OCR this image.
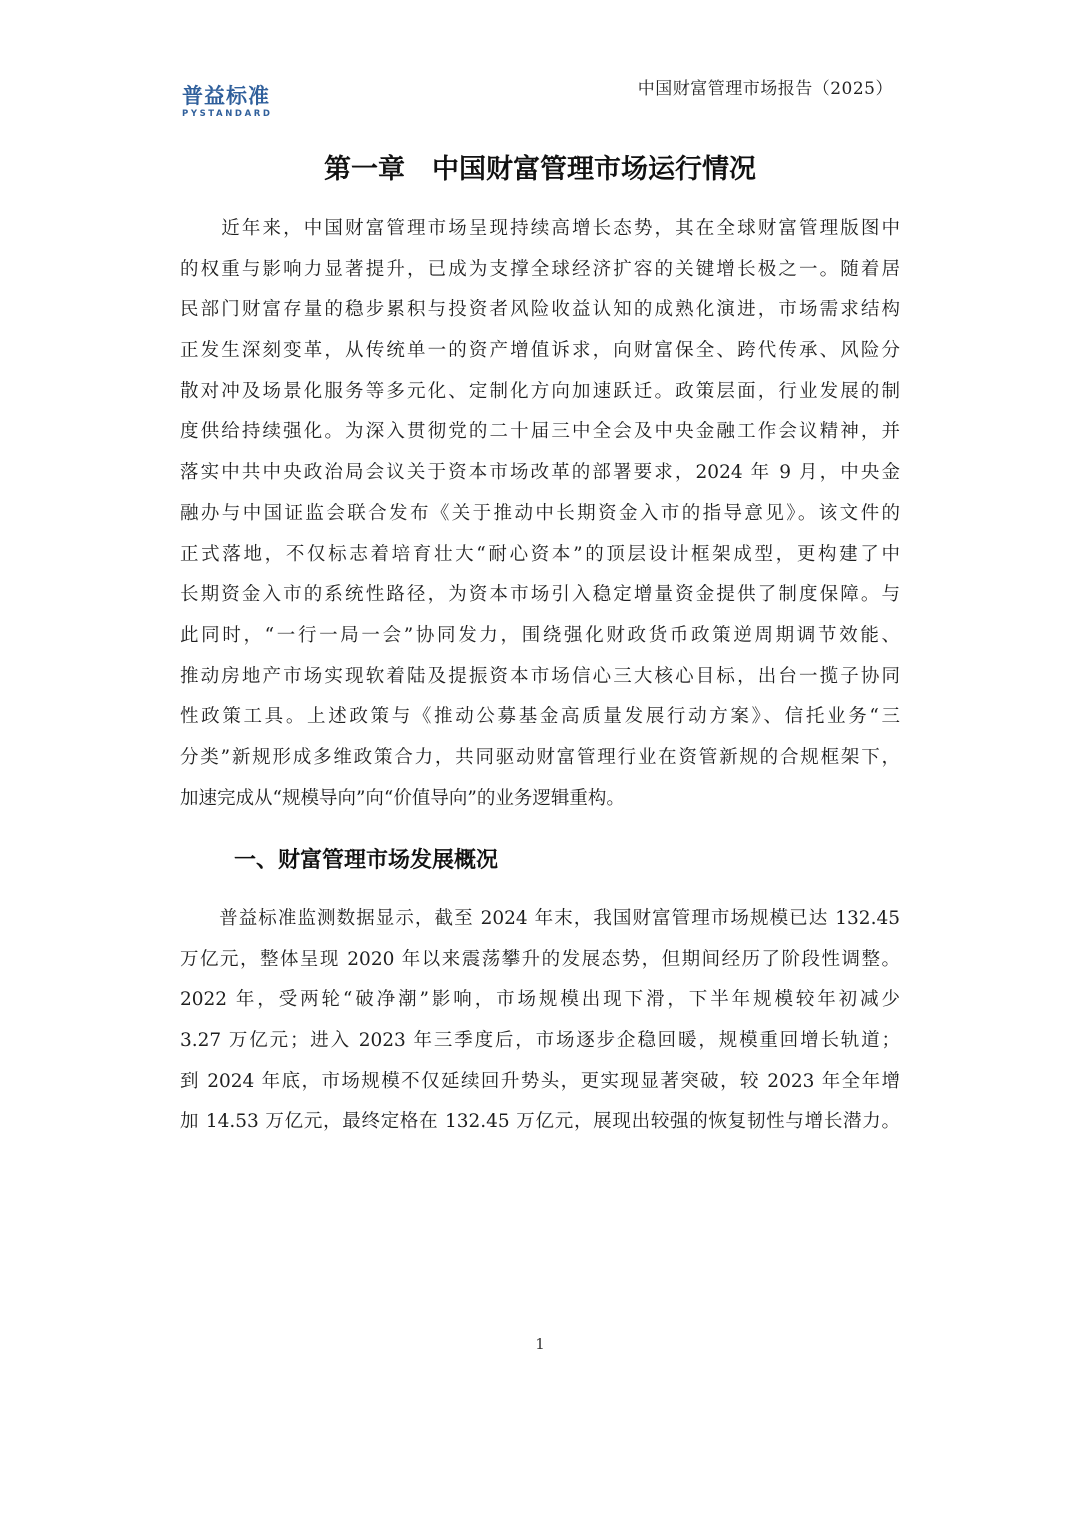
普益标准
PYSTANDARD
中国财富管理市场报告（2025）
第一章　中国财富管理市场运行情况
　　近年来，中国财富管理市场呈现持续高增长态势，其在全球财富管理版图中
的权重与影响力显著提升，已成为支撑全球经济扩容的关键增长极之一。随着居
民部门财富存量的稳步累积与投资者风险收益认知的成熟化演进，市场需求结构
正发生深刻变革，从传统单一的资产增值诉求，向财富保全、跨代传承、风险分
散对冲及场景化服务等多元化、定制化方向加速跃迁。政策层面，行业发展的制
度供给持续强化。为深入贯彻党的二十届三中全会及中央金融工作会议精神，并
落实中共中央政治局会议关于资本市场改革的部署要求，2024 年 9 月，中央金
融办与中国证监会联合发布《关于推动中长期资金入市的指导意见》。该文件的
正式落地，不仅标志着培育壮大“耐心资本”的顶层设计框架成型，更构建了中
长期资金入市的系统性路径，为资本市场引入稳定增量资金提供了制度保障。与
此同时，“一行一局一会”协同发力，围绕强化财政货币政策逆周期调节效能、
推动房地产市场实现软着陆及提振资本市场信心三大核心目标，出台一揽子协同
性政策工具。上述政策与《推动公募基金高质量发展行动方案》、信托业务“三
分类”新规形成多维政策合力，共同驱动财富管理行业在资管新规的合规框架下，
加速完成从“规模导向”向“价值导向”的业务逻辑重构。
一、财富管理市场发展概况
　　普益标准监测数据显示，截至 2024 年末，我国财富管理市场规模已达 132.45
万亿元，整体呈现 2020 年以来震荡攀升的发展态势，但期间经历了阶段性调整。
2022 年，受两轮“破净潮”影响，市场规模出现下滑，下半年规模较年初减少
3.27 万亿元；进入 2023 年三季度后，市场逐步企稳回暖，规模重回增长轨道；
到 2024 年底，市场规模不仅延续回升势头，更实现显著突破，较 2023 年全年增
加 14.53 万亿元，最终定格在 132.45 万亿元，展现出较强的恢复韧性与增长潜力。
1
